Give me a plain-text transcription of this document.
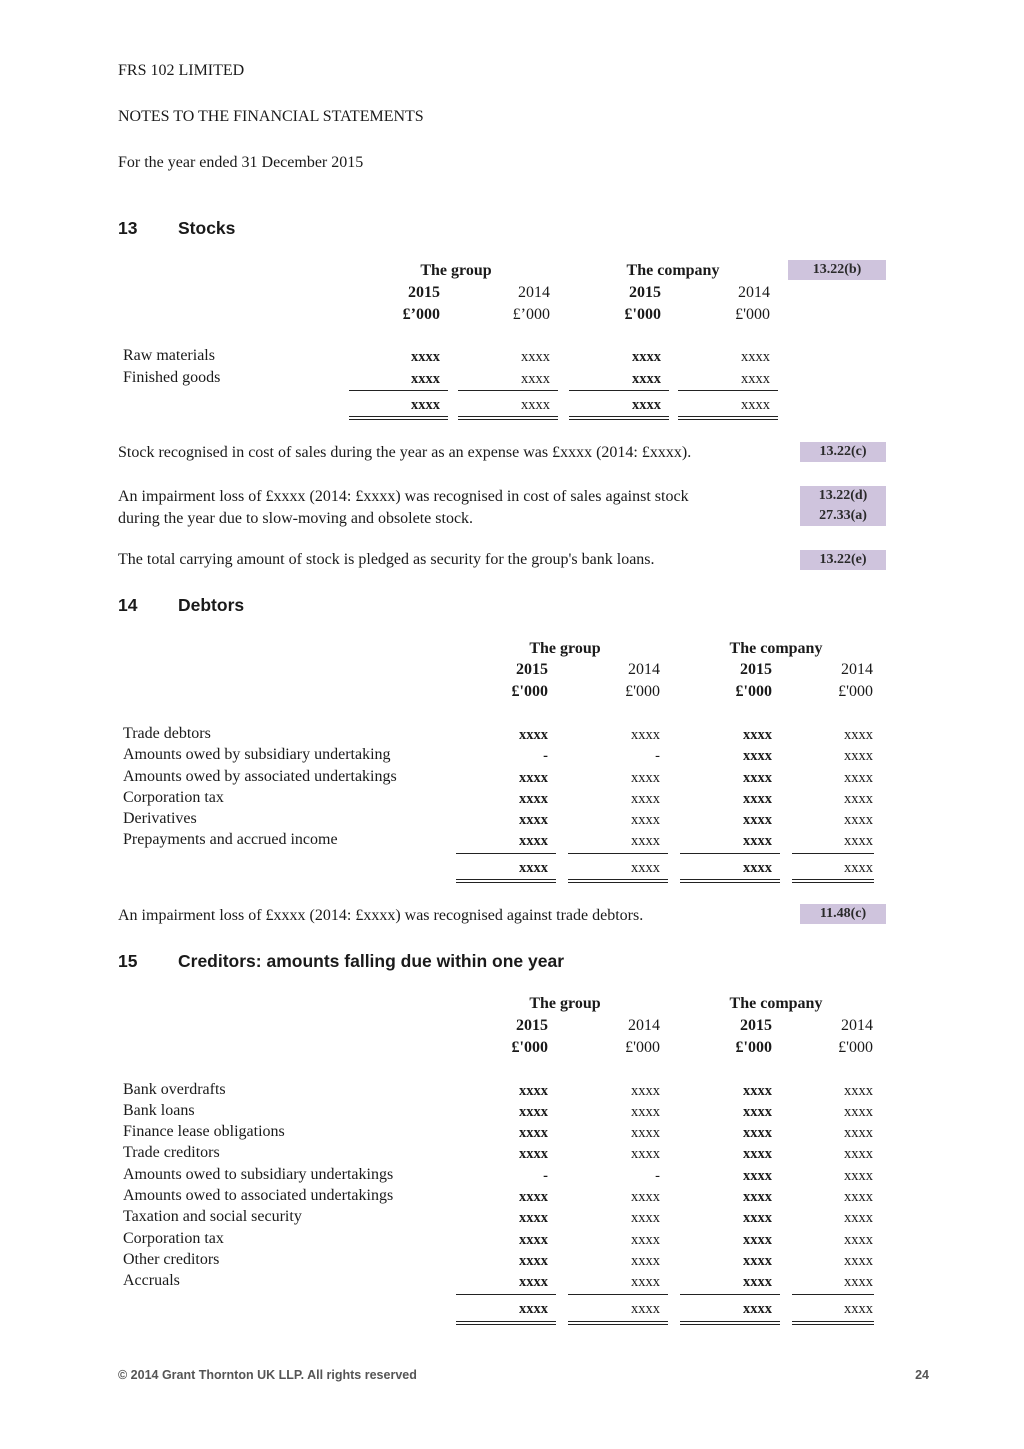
FRS 102 LIMITED
NOTES TO THE FINANCIAL STATEMENTS
For the year ended 31 December 2015
13 Stocks
13.22(b)
The group	The company
2015	2014	2015	2014
£’000	£’000	£'000	£'000
Raw materials	xxxx	xxxx	xxxx	xxxx
Finished goods	xxxx	xxxx	xxxx	xxxx
xxxx	xxxx	xxxx	xxxx
Stock recognised in cost of sales during the year as an expense was £xxxx (2014: £xxxx).	13.22(c)
An impairment loss of £xxxx (2014: £xxxx) was recognised in cost of sales against stock
during the year due to slow-moving and obsolete stock.
13.22(d)
27.33(a)
The total carrying amount of stock is pledged as security for the group's bank loans.	13.22(e)
14 Debtors
The group	The company
2015	2014	2015	2014
£'000	£'000	£'000	£'000
Trade debtors	xxxx	xxxx	xxxx	xxxx
Amounts owed by subsidiary undertaking	-	-	xxxx	xxxx
Amounts owed by associated undertakings	xxxx	xxxx	xxxx	xxxx
Corporation tax	xxxx	xxxx	xxxx	xxxx
Derivatives	xxxx	xxxx	xxxx	xxxx
Prepayments and accrued income	xxxx	xxxx	xxxx	xxxx
xxxx	xxxx	xxxx	xxxx
An impairment loss of £xxxx (2014: £xxxx) was recognised against trade debtors.	11.48(c)
15 Creditors: amounts falling due within one year
The group	The company
2015	2014	2015	2014
£'000	£'000	£'000	£'000
Bank overdrafts	xxxx	xxxx	xxxx	xxxx
Bank loans	xxxx	xxxx	xxxx	xxxx
Finance lease obligations	xxxx	xxxx	xxxx	xxxx
Trade creditors	xxxx	xxxx	xxxx	xxxx
Amounts owed to subsidiary undertakings	-	-	xxxx	xxxx
Amounts owed to associated undertakings	xxxx	xxxx	xxxx	xxxx
Taxation and social security	xxxx	xxxx	xxxx	xxxx
Corporation tax	xxxx	xxxx	xxxx	xxxx
Other creditors	xxxx	xxxx	xxxx	xxxx
Accruals	xxxx	xxxx	xxxx	xxxx
xxxx	xxxx	xxxx	xxxx
© 2014 Grant Thornton UK LLP. All rights reserved	24
